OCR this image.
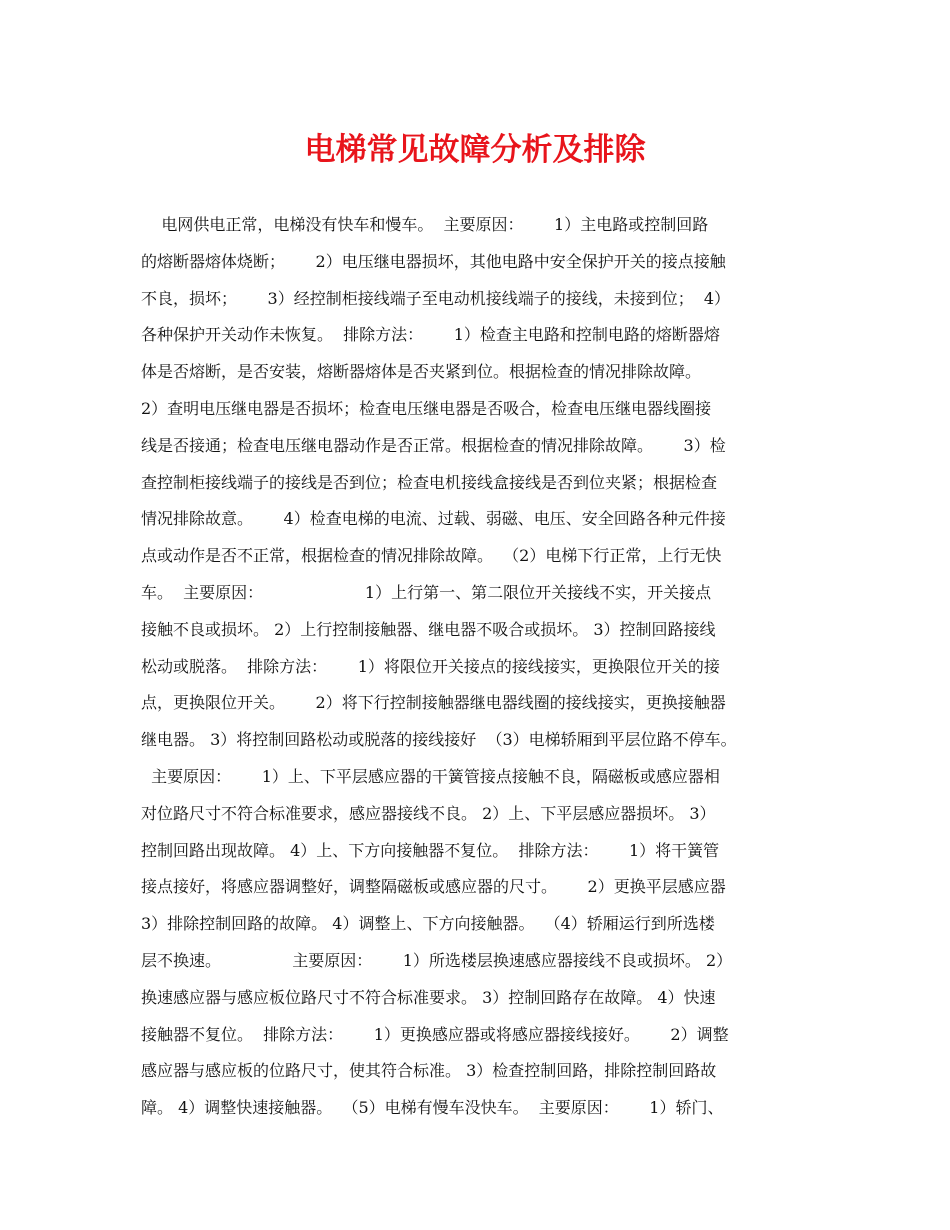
电梯常见故障分析及排除
电网供电正常，电梯没有快车和慢车。  主要原因：      1）主电路或控制回路
的熔断器熔体烧断；      2）电压继电器损坏，其他电路中安全保护开关的接点接触
不良，损坏；      3）经控制柜接线端子至电动机接线端子的接线，未接到位；  4）
各种保护开关动作未恢复。  排除方法：      1）检查主电路和控制电路的熔断器熔
体是否熔断，是否安装，熔断器熔体是否夹紧到位。根据检查的情况排除故障。
2）查明电压继电器是否损坏；检查电压继电器是否吸合，检查电压继电器线圈接
线是否接通；检查电压继电器动作是否正常。根据检查的情况排除故障。      3）检
查控制柜接线端子的接线是否到位；检查电机接线盒接线是否到位夹紧；根据检查
情况排除故意。      4）检查电梯的电流、过载、弱磁、电压、安全回路各种元件接
点或动作是否不正常，根据检查的情况排除故障。  （2）电梯下行正常，上行无快
车。  主要原因：                    1）上行第一、第二限位开关接线不实，开关接点
接触不良或损坏。 2）上行控制接触器、继电器不吸合或损坏。 3）控制回路接线
松动或脱落。  排除方法：      1）将限位开关接点的接线接实，更换限位开关的接
点，更换限位开关。      2）将下行控制接触器继电器线圈的接线接实，更换接触器
继电器。 3）将控制回路松动或脱落的接线接好  （3）电梯轿厢到平层位路不停车。
主要原因：      1）上、下平层感应器的干簧管接点接触不良，隔磁板或感应器相
对位路尺寸不符合标准要求，感应器接线不良。 2）上、下平层感应器损坏。 3）
控制回路出现故障。 4）上、下方向接触器不复位。  排除方法：      1）将干簧管
接点接好，将感应器调整好，调整隔磁板或感应器的尺寸。      2）更换平层感应器
3）排除控制回路的故障。 4）调整上、下方向接触器。  （4）轿厢运行到所选楼
层不换速。              主要原因：      1）所选楼层换速感应器接线不良或损坏。 2）
换速感应器与感应板位路尺寸不符合标准要求。 3）控制回路存在故障。 4）快速
接触器不复位。  排除方法：      1）更换感应器或将感应器接线接好。      2）调整
感应器与感应板的位路尺寸，使其符合标准。 3）检查控制回路，排除控制回路故
障。 4）调整快速接触器。  （5）电梯有慢车没快车。  主要原因：      1）轿门、
